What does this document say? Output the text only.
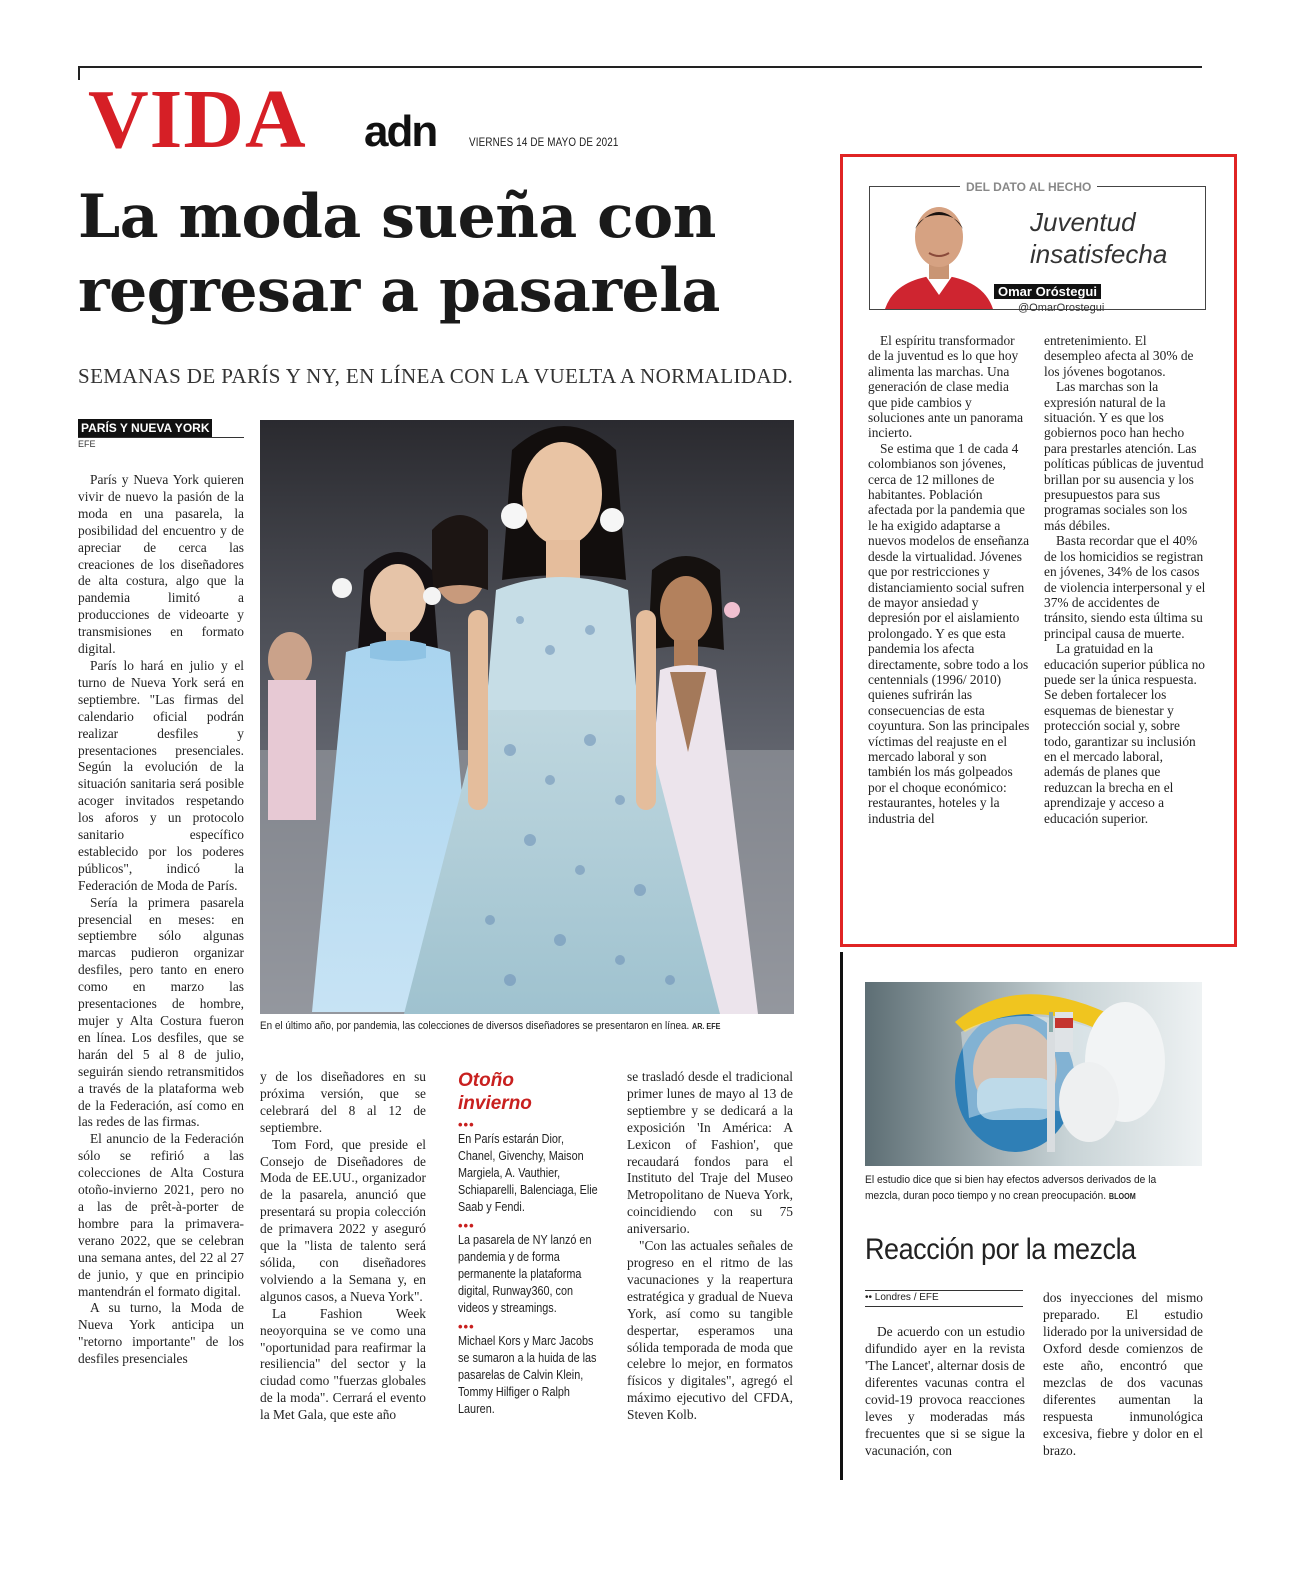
VIDA adn	VIERNES 14 DE MAYO DE 2021
La moda sueña con regresar a pasarela
SEMANAS DE PARÍS Y NY, EN LÍNEA CON LA VUELTA A NORMALIDAD.
PARÍS Y NUEVA YORK
EFE

París y Nueva York quieren vivir de nuevo la pasión de la moda en una pasarela, la posibilidad del encuentro y de apreciar de cerca las creaciones de los diseñadores de alta costura, algo que la pandemia limitó a producciones de videoarte y transmisiones en formato digital.

París lo hará en julio y el turno de Nueva York será en septiembre. "Las firmas del calendario oficial podrán realizar desfiles y presentaciones presenciales. Según la evolución de la situación sanitaria será posible acoger invitados respetando los aforos y un protocolo sanitario específico establecido por los poderes públicos", indicó la Federación de Moda de París.

Sería la primera pasarela presencial en meses: en septiembre sólo algunas marcas pudieron organizar desfiles, pero tanto en enero como en marzo las presentaciones de hombre, mujer y Alta Costura fueron en línea. Los desfiles, que se harán del 5 al 8 de julio, seguirán siendo retransmitidos a través de la plataforma web de la Federación, así como en las redes de las firmas.

El anuncio de la Federación sólo se refirió a las colecciones de Alta Costura otoño-invierno 2021, pero no a las de prêt-à-porter de hombre para la primavera-verano 2022, que se celebran una semana antes, del 22 al 27 de junio, y que en principio mantendrán el formato digital.

A su turno, la Moda de Nueva York anticipa un "retorno importante" de los desfiles presenciales

En el último año, por pandemia, las colecciones de diversos diseñadores se presentaron en línea. AR. EFE

y de los diseñadores en su próxima versión, que se celebrará del 8 al 12 de septiembre.

Tom Ford, que preside el Consejo de Diseñadores de Moda de EE.UU., organizador de la pasarela, anunció que presentará su propia colección de primavera 2022 y aseguró que la "lista de talento será sólida, con diseñadores volviendo a la Semana y, en algunos casos, a Nueva York".

La Fashion Week neoyorquina se ve como una "oportunidad para reafirmar la resiliencia" del sector y la ciudad como "fuerzas globales de la moda". Cerrará el evento la Met Gala, que este año

Otoño
invierno
•••
En París estarán Dior, Chanel, Givenchy, Maison Margiela, A. Vauthier, Schiaparelli, Balenciaga, Elie Saab y Fendi.
•••
La pasarela de NY lanzó en pandemia y de forma permanente la plataforma digital, Runway360, con videos y streamings.
•••
Michael Kors y Marc Jacobs se sumaron a la huida de las pasarelas de Calvin Klein, Tommy Hilfiger o Ralph Lauren.

se trasladó desde el tradicional primer lunes de mayo al 13 de septiembre y se dedicará a la exposición 'In América: A Lexicon of Fashion', que recaudará fondos para el Instituto del Traje del Museo Metropolitano de Nueva York, coincidiendo con su 75 aniversario.

"Con las actuales señales de progreso en el ritmo de las vacunaciones y la reapertura estratégica y gradual de Nueva York, así como su tangible despertar, esperamos una sólida temporada de moda que celebre lo mejor, en formatos físicos y digitales", agregó el máximo ejecutivo del CFDA, Steven Kolb.

DEL DATO AL HECHO
Juventud
insatisfecha
Omar Oróstegui
@OmarOrostegui

El espíritu transformador de la juventud es lo que hoy alimenta las marchas. Una generación de clase media que pide cambios y soluciones ante un panorama incierto.

Se estima que 1 de cada 4 colombianos son jóvenes, cerca de 12 millones de habitantes. Población afectada por la pandemia que le ha exigido adaptarse a nuevos modelos de enseñanza desde la virtualidad. Jóvenes que por restricciones y distanciamiento social sufren de mayor ansiedad y depresión por el aislamiento prolongado. Y es que esta pandemia los afecta directamente, sobre todo a los centennials (1996/ 2010) quienes sufrirán las consecuencias de esta coyuntura. Son las principales víctimas del reajuste en el mercado laboral y son también los más golpeados por el choque económico: restaurantes, hoteles y la industria del

entretenimiento. El desempleo afecta al 30% de los jóvenes bogotanos.

Las marchas son la expresión natural de la situación. Y es que los gobiernos poco han hecho para prestarles atención. Las políticas públicas de juventud brillan por su ausencia y los presupuestos para sus programas sociales son los más débiles.

Basta recordar que el 40% de los homicidios se registran en jóvenes, 34% de los casos de violencia interpersonal y el 37% de accidentes de tránsito, siendo esta última su principal causa de muerte.

La gratuidad en la educación superior pública no puede ser la única respuesta. Se deben fortalecer los esquemas de bienestar y protección social y, sobre todo, garantizar su inclusión en el mercado laboral, además de planes que reduzcan la brecha en el aprendizaje y acceso a educación superior.

El estudio dice que si bien hay efectos adversos derivados de la mezcla, duran poco tiempo y no crean preocupación. BLOOM
Reacción por la mezcla
•• Londres / EFE

De acuerdo con un estudio difundido ayer en la revista 'The Lancet', alternar dosis de diferentes vacunas contra el covid-19 provoca reacciones leves y moderadas más frecuentes que si se sigue la vacunación, con

dos inyecciones del mismo preparado. El estudio liderado por la universidad de Oxford desde comienzos de este año, encontró que mezclas de dos vacunas diferentes aumentan la respuesta inmunológica excesiva, fiebre y dolor en el brazo.
